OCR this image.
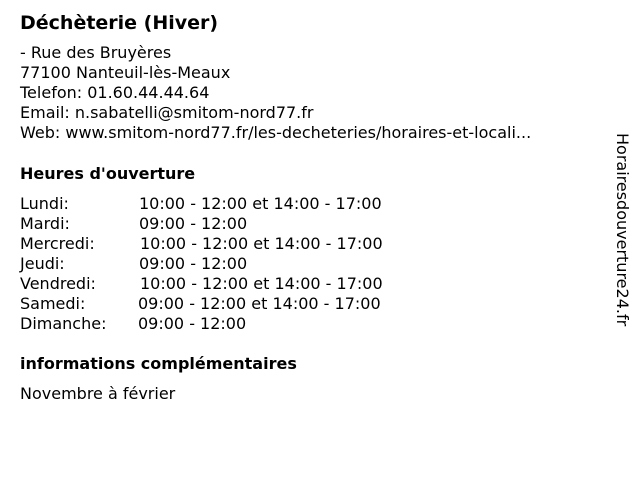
Déchèterie (Hiver)
- Rue des Bruyères
77100 Nanteuil-lès-Meaux
Telefon: 01.60.44.44.64
Email: n.sabatelli@smitom-nord77.fr
Web: www.smitom-nord77.fr/les-decheteries/horaires-et-locali...
Heures d'ouverture
Lundi:	10:00 - 12:00 et 14:00 - 17:00
Mardi:	09:00 - 12:00
Mercredi:	10:00 - 12:00 et 14:00 - 17:00
Jeudi:	09:00 - 12:00
Vendredi:	10:00 - 12:00 et 14:00 - 17:00
Samedi:	09:00 - 12:00 et 14:00 - 17:00
Dimanche: 09:00 - 12:00
informations complémentaires
Novembre à février
Horairesdouverture24.fr
